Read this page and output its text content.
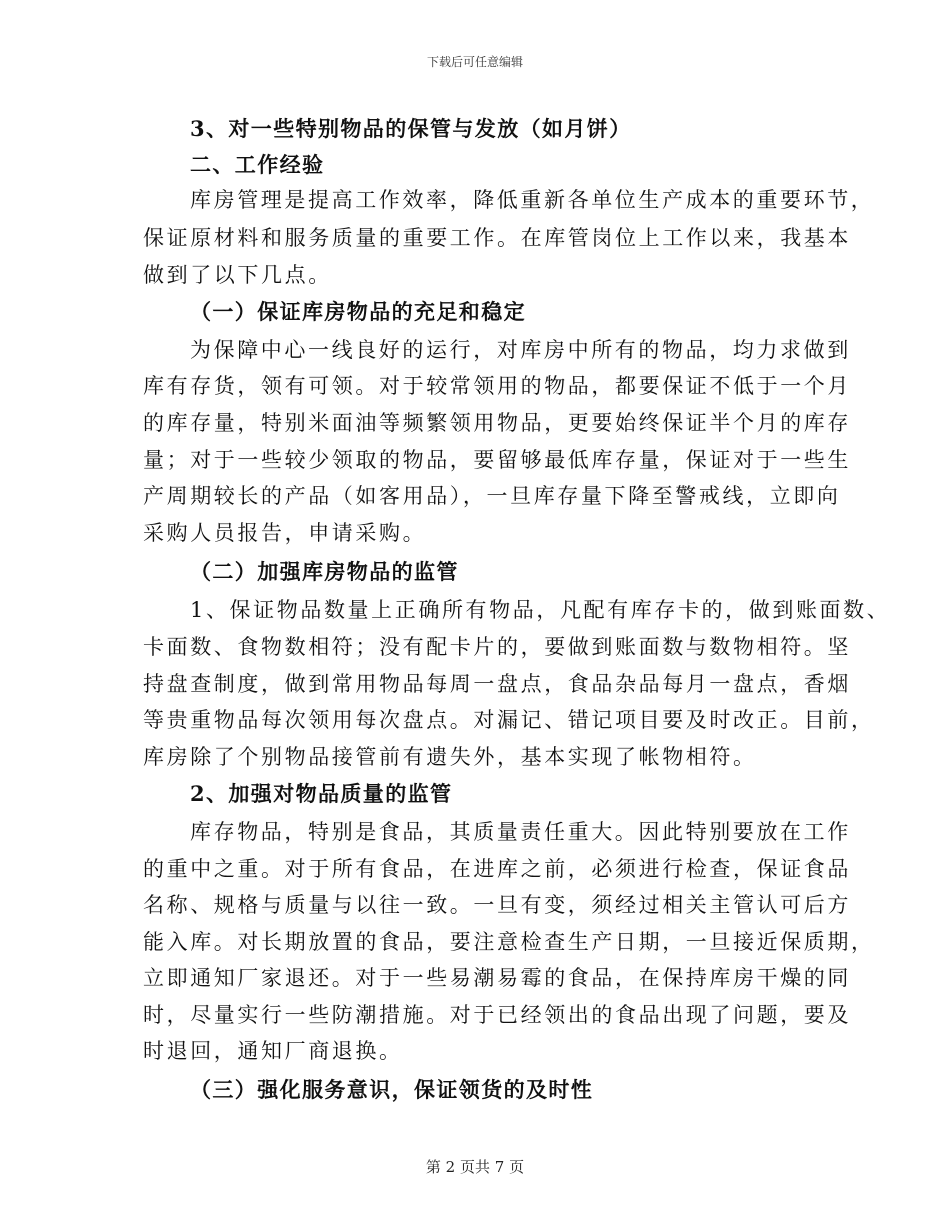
下载后可任意编辑
3、对一些特别物品的保管与发放（如月饼）
二、工作经验
库房管理是提高工作效率，降低重新各单位生产成本的重要环节，
保证原材料和服务质量的重要工作。在库管岗位上工作以来，我基本
做到了以下几点。
（一）保证库房物品的充足和稳定
为保障中心一线良好的运行，对库房中所有的物品，均力求做到
库有存货，领有可领。对于较常领用的物品，都要保证不低于一个月
的库存量，特别米面油等频繁领用物品，更要始终保证半个月的库存
量；对于一些较少领取的物品，要留够最低库存量，保证对于一些生
产周期较长的产品（如客用品），一旦库存量下降至警戒线，立即向
采购人员报告，申请采购。
（二）加强库房物品的监管
1、保证物品数量上正确所有物品，凡配有库存卡的，做到账面数、
卡面数、食物数相符；没有配卡片的，要做到账面数与数物相符。坚
持盘查制度，做到常用物品每周一盘点，食品杂品每月一盘点，香烟
等贵重物品每次领用每次盘点。对漏记、错记项目要及时改正。目前，
库房除了个别物品接管前有遗失外，基本实现了帐物相符。
2、加强对物品质量的监管
库存物品，特别是食品，其质量责任重大。因此特别要放在工作
的重中之重。对于所有食品，在进库之前，必须进行检查，保证食品
名称、规格与质量与以往一致。一旦有变，须经过相关主管认可后方
能入库。对长期放置的食品，要注意检查生产日期，一旦接近保质期，
立即通知厂家退还。对于一些易潮易霉的食品，在保持库房干燥的同
时，尽量实行一些防潮措施。对于已经领出的食品出现了问题，要及
时退回，通知厂商退换。
（三）强化服务意识，保证领货的及时性
第 2 页共 7 页
